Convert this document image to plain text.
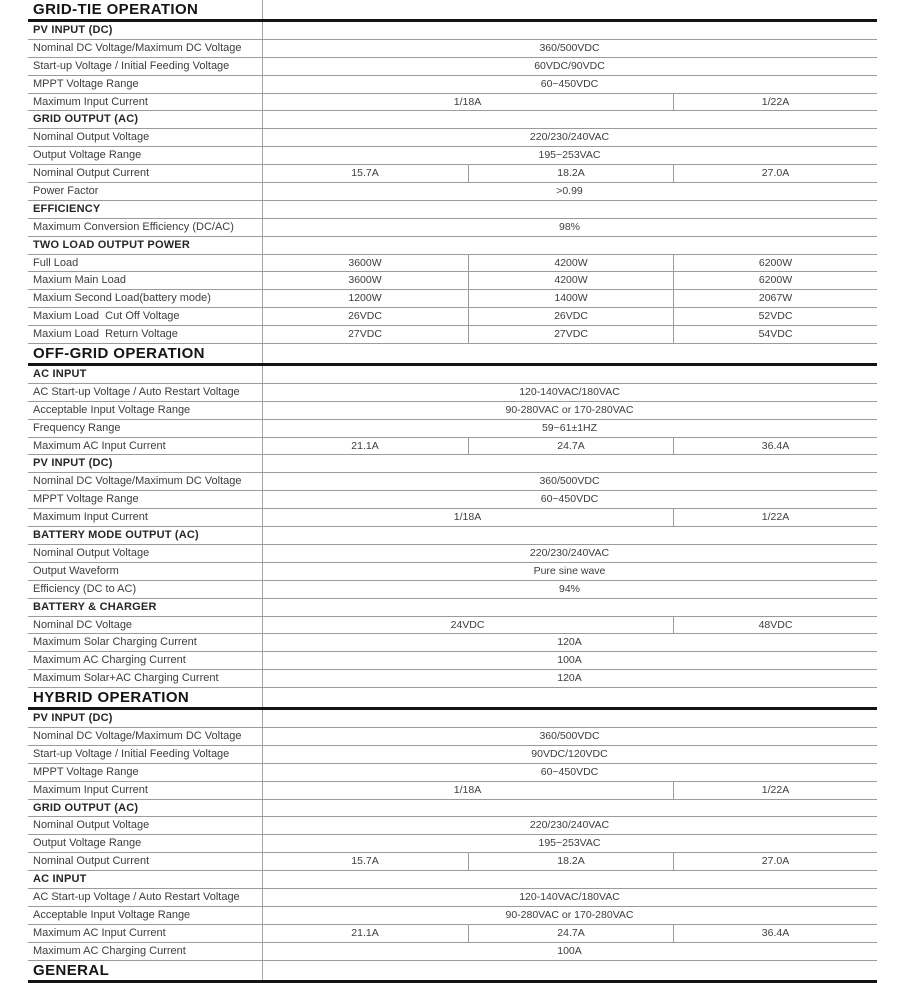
GRID-TIE OPERATION
PV INPUT (DC)
Nominal DC Voltage/Maximum DC Voltage	360/500VDC
Start-up Voltage / Initial Feeding Voltage	60VDC/90VDC
MPPT Voltage Range	60~450VDC
Maximum Input Current	1/18A	1/22A
GRID OUTPUT (AC)
Nominal Output Voltage	220/230/240VAC
Output Voltage Range	195~253VAC
Nominal Output Current	15.7A	18.2A	27.0A
Power Factor	>0.99
EFFICIENCY
Maximum Conversion Efficiency (DC/AC)	98%
TWO LOAD OUTPUT POWER
Full Load	3600W	4200W	6200W
Maxium Main Load	3600W	4200W	6200W
Maxium Second Load(battery mode)	1200W	1400W	2067W
Maxium Load  Cut Off Voltage	26VDC	26VDC	52VDC
Maxium Load  Return Voltage	27VDC	27VDC	54VDC
OFF-GRID OPERATION
AC INPUT
AC Start-up Voltage / Auto Restart Voltage	120-140VAC/180VAC
Acceptable Input Voltage Range	90-280VAC or 170-280VAC
Frequency Range	59~61±1HZ
Maximum AC Input Current	21.1A	24.7A	36.4A
PV INPUT (DC)
Nominal DC Voltage/Maximum DC Voltage	360/500VDC
MPPT Voltage Range	60~450VDC
Maximum Input Current	1/18A	1/22A
BATTERY MODE OUTPUT (AC)
Nominal Output Voltage	220/230/240VAC
Output Waveform	Pure sine wave
Efficiency (DC to AC)	94%
BATTERY & CHARGER
Nominal DC Voltage	24VDC	48VDC
Maximum Solar Charging Current	120A
Maximum AC Charging Current	100A
Maximum Solar+AC Charging Current	120A
HYBRID OPERATION
PV INPUT (DC)
Nominal DC Voltage/Maximum DC Voltage	360/500VDC
Start-up Voltage / Initial Feeding Voltage	90VDC/120VDC
MPPT Voltage Range	60~450VDC
Maximum Input Current	1/18A	1/22A
GRID OUTPUT (AC)
Nominal Output Voltage	220/230/240VAC
Output Voltage Range	195~253VAC
Nominal Output Current	15.7A	18.2A	27.0A
AC INPUT
AC Start-up Voltage / Auto Restart Voltage	120-140VAC/180VAC
Acceptable Input Voltage Range	90-280VAC or 170-280VAC
Maximum AC Input Current	21.1A	24.7A	36.4A
Maximum AC Charging Current	100A
GENERAL
